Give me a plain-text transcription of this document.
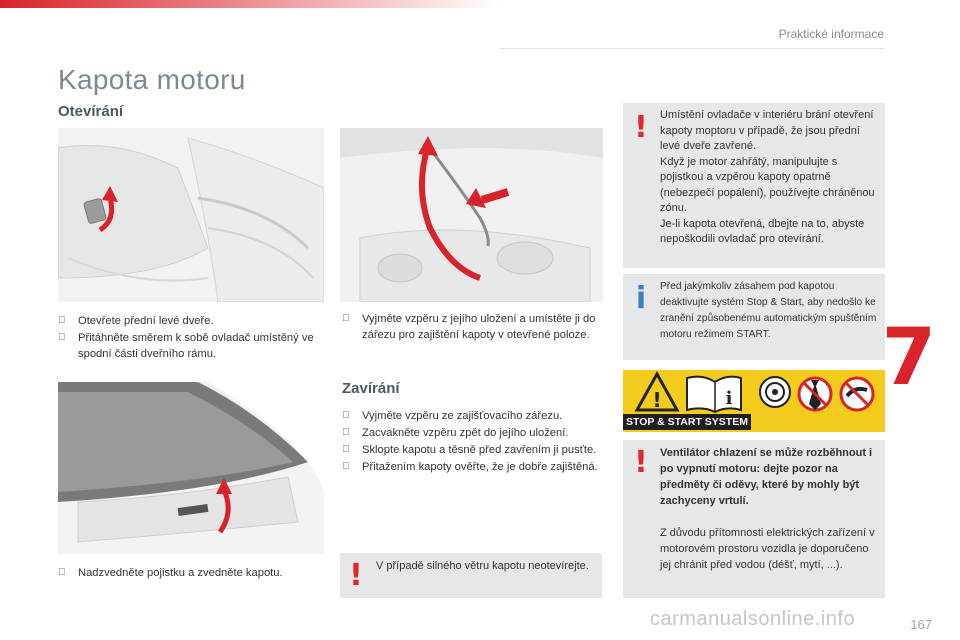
Praktické informace
Kapota motoru
Otevírání
Otevřete přední levé dveře.
Přitáhněte směrem k sobě ovladač umístěný ve spodní části dveřního rámu.
Vyjměte vzpěru z jejího uložení a umístěte ji do zářezu pro zajištění kapoty v otevřené poloze.
Nadzvedněte pojistku a zvedněte kapotu.
Zavírání
Vyjměte vzpěru ze zajišťovacího zářezu.
Zacvakněte vzpěru zpět do jejího uložení.
Sklopte kapotu a těsně před zavřením ji pusťte.
Přitažením kapoty ověřte, že je dobře zajištěná.
! V případě silného větru kapotu neotevírejte.
! Umístění ovladače v interiéru brání otevření kapoty moptoru v případě, že jsou přední levé dveře zavřené.
Když je motor zahřátý, manipulujte s pojistkou a vzpěrou kapoty opatrně (nebezpečí popálení), používejte chráněnou zónu.
Je-li kapota otevřená, dbejte na to, abyste nepoškodili ovladač pro otevírání.
i	Před jakýmkoliv zásahem pod kapotou deaktivujte systém Stop & Start, aby nedošlo ke zranění způsobenému automatickým spuštěním motoru režimem START.
!	i
STOP & START SYSTEM
! Ventilátor chlazení se může rozběhnout i po vypnutí motoru: dejte pozor na předměty či oděvy, které by mohly být zachyceny vrtulí.
Z důvodu přítomnosti elektrických zařízení v motorovém prostoru vozidla je doporučeno jej chránit před vodou (déšť, mytí, ...).
7
carmanualsonline.info	167
